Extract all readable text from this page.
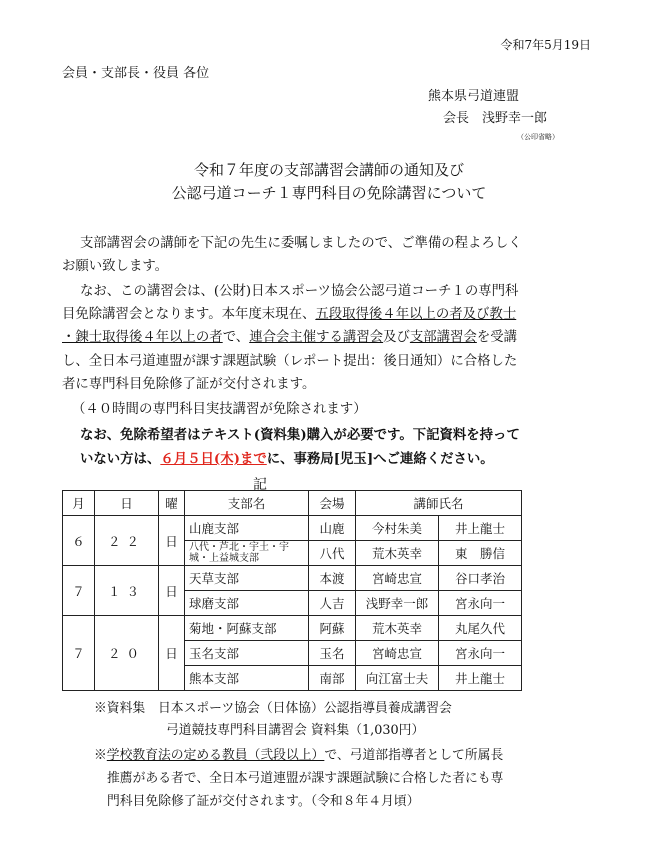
令和7年5月19日
会員・支部長・役員 各位
熊本県弓道連盟
会長　浅野幸一郎
（公印省略）
令和７年度の支部講習会講師の通知及び
公認弓道コーチ１専門科目の免除講習について
支部講習会の講師を下記の先生に委嘱しましたので、ご準備の程よろしく
お願い致します。
なお、この講習会は、(公財)日本スポーツ協会公認弓道コーチ１の専門科
目免除講習会となります。本年度末現在、五段取得後４年以上の者及び教士
・錬士取得後４年以上の者で、連合会主催する講習会及び支部講習会を受講
し、全日本弓道連盟が課す課題試験（レポート提出：後日通知）に合格した
者に専門科目免除修了証が交付されます。
（４０時間の専門科目実技講習が免除されます）
なお、免除希望者はテキスト(資料集)購入が必要です。下記資料を持って
いない方は、６月５日(木)までに、事務局[児玉]へご連絡ください。
記
月	日	曜	支部名	会場	講師氏名	
６	２２	日	山鹿支部	山鹿	今村朱美	井上龍士
			八代・芦北・宇土・宇城・上益城支部	八代	荒木英幸	東　勝信
７	１３	日	天草支部	本渡	宮崎忠宣	谷口孝治
			球磨支部	人吉	浅野幸一郎	宮永向一
７	２０	日	菊地・阿蘇支部	阿蘇	荒木英幸	丸尾久代
			玉名支部	玉名	宮崎忠宣	宮永向一
			熊本支部	南部	向江富士夫	井上龍士
※資料集　日本スポーツ協会（日体協）公認指導員養成講習会
弓道競技専門科目講習会 資料集（1,030円）
※学校教育法の定める教員（弐段以上）で、弓道部指導者として所属長
推薦がある者で、全日本弓道連盟が課す課題試験に合格した者にも専
門科目免除修了証が交付されます。（令和８年４月頃）
